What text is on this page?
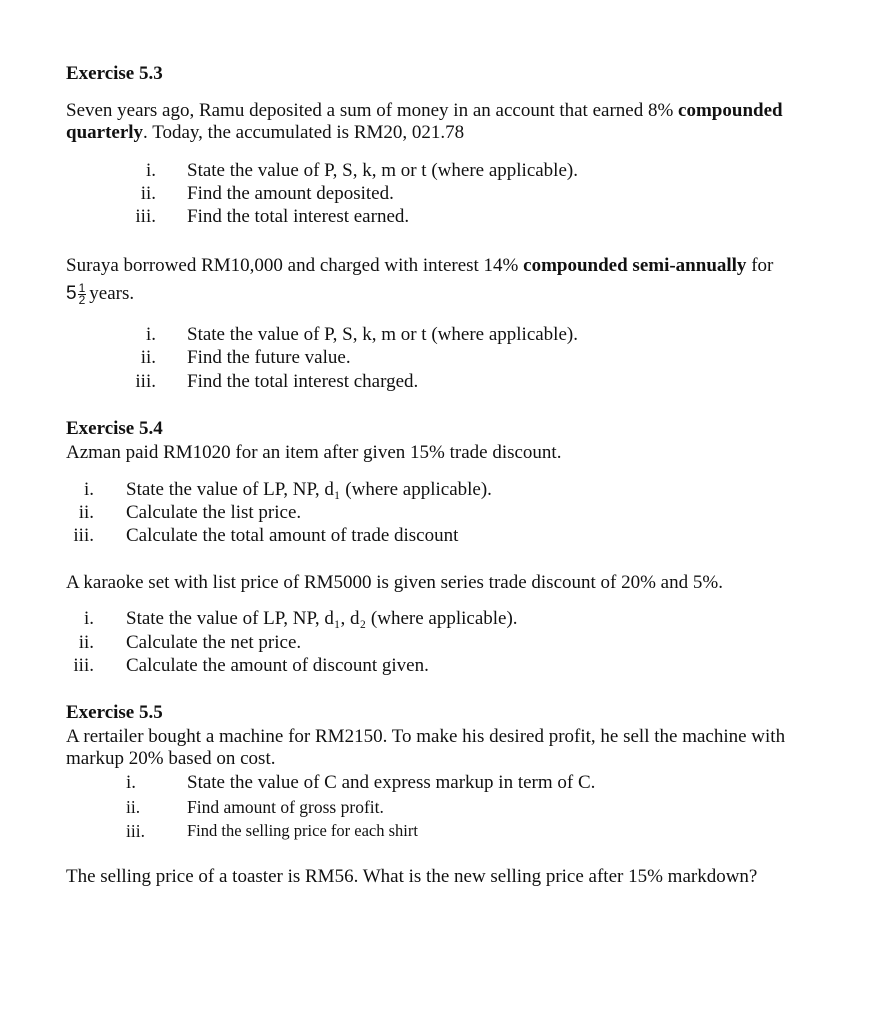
Exercise 5.3
Seven years ago, Ramu deposited a sum of money in an account that earned 8% compounded quarterly. Today, the accumulated is RM20, 021.78
i. State the value of P, S, k, m or t (where applicable).
ii. Find the amount deposited.
iii. Find the total interest earned.
Suraya borrowed RM10,000 and charged with interest 14% compounded semi-annually for
$5 \frac{1}{2}$ years.
i. State the value of P, S, k, m or t (where applicable).
ii. Find the future value.
iii. Find the total interest charged.
Exercise 5.4
Azman paid RM1020 for an item after given 15% trade discount.
i. State the value of LP, NP, d₁ (where applicable).
ii. Calculate the list price.
iii. Calculate the total amount of trade discount
A karaoke set with list price of RM5000 is given series trade discount of 20% and 5%.
i. State the value of LP, NP, d₁, d₂ (where applicable).
ii. Calculate the net price.
iii. Calculate the amount of discount given.
Exercise 5.5
A rertailer bought a machine for RM2150. To make his desired profit, he sell the machine with markup 20% based on cost.
i.	State the value of C and express markup in term of C.
ii.	Find amount of gross profit.
iii.	Find the selling price for each shirt
The selling price of a toaster is RM56. What is the new selling price after 15% markdown?
